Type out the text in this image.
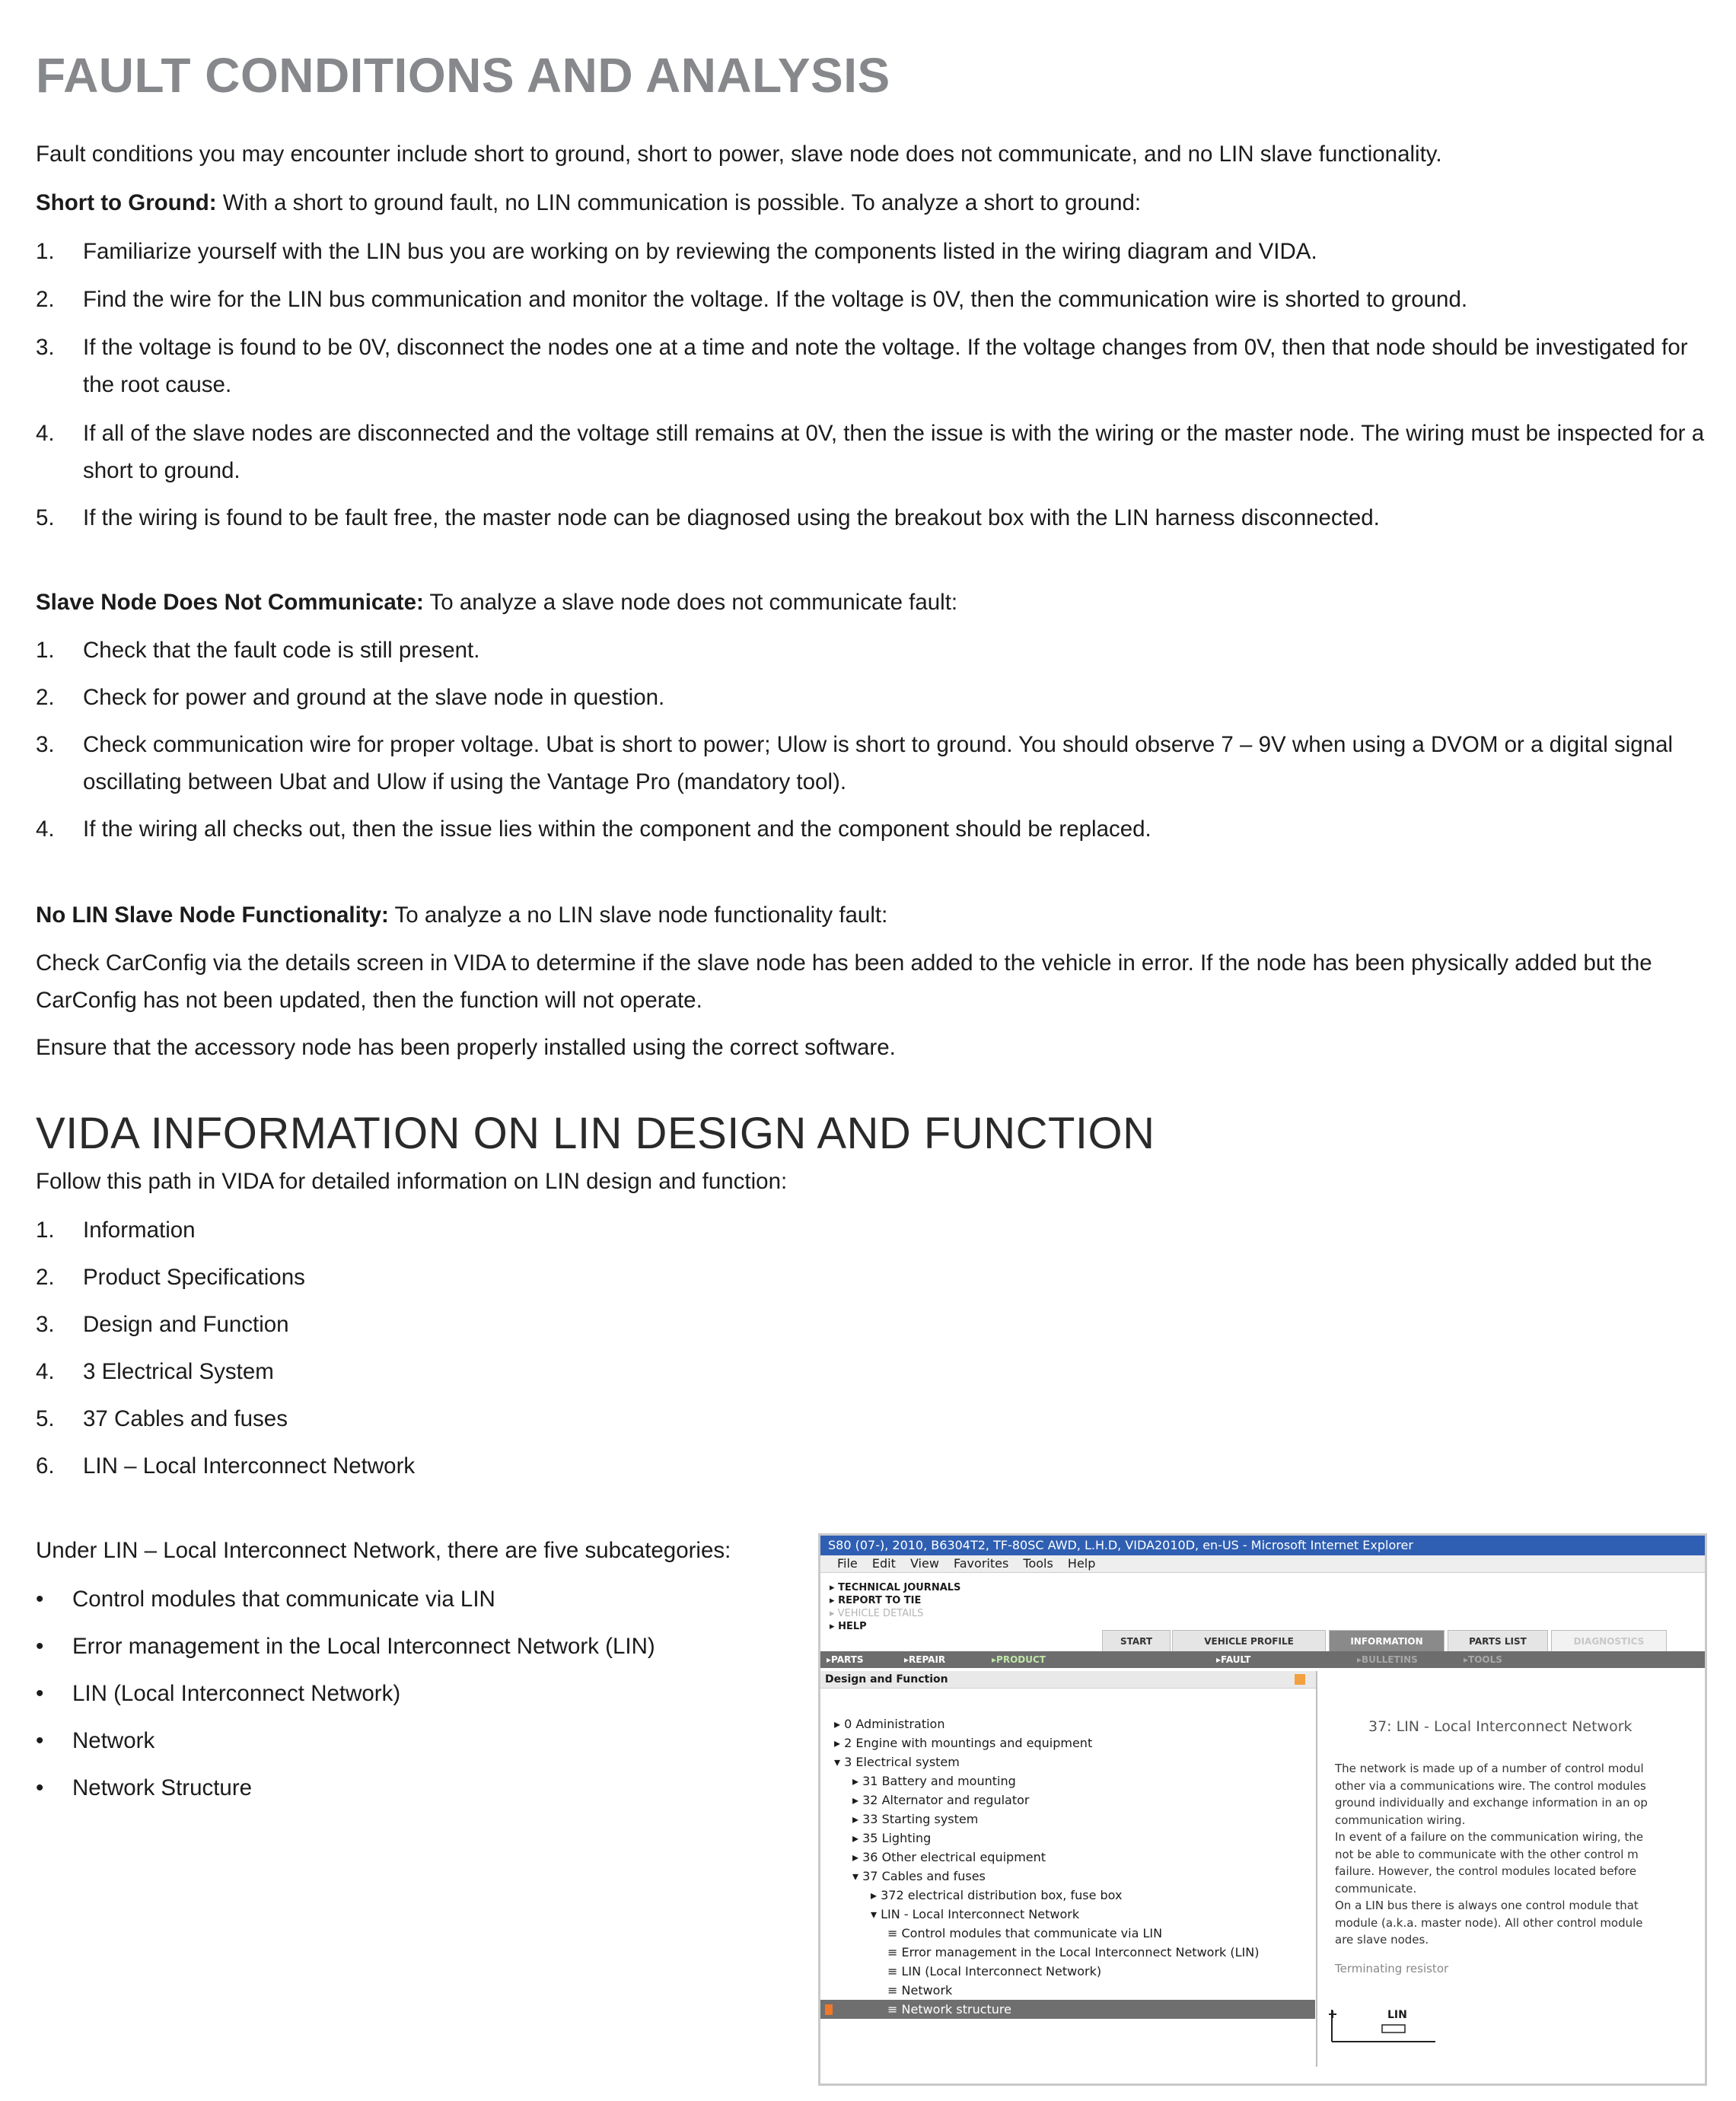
FAULT CONDITIONS AND ANALYSIS

Fault conditions you may encounter include short to ground, short to power, slave node does not communicate, and no LIN slave functionality.

Short to Ground: With a short to ground fault, no LIN communication is possible. To analyze a short to ground:

1. Familiarize yourself with the LIN bus you are working on by reviewing the components listed in the wiring diagram and VIDA.
2. Find the wire for the LIN bus communication and monitor the voltage. If the voltage is 0V, then the communication wire is shorted to ground.
3. If the voltage is found to be 0V, disconnect the nodes one at a time and note the voltage. If the voltage changes from 0V, then that node should be investigated for the root cause.
4. If all of the slave nodes are disconnected and the voltage still remains at 0V, then the issue is with the wiring or the master node. The wiring must be inspected for a short to ground.
5. If the wiring is found to be fault free, the master node can be diagnosed using the breakout box with the LIN harness disconnected.

Slave Node Does Not Communicate: To analyze a slave node does not communicate fault:

1. Check that the fault code is still present.
2. Check for power and ground at the slave node in question.
3. Check communication wire for proper voltage. Ubat is short to power; Ulow is short to ground. You should observe 7 – 9V when using a DVOM or a digital signal oscillating between Ubat and Ulow if using the Vantage Pro (mandatory tool).
4. If the wiring all checks out, then the issue lies within the component and the component should be replaced.

No LIN Slave Node Functionality: To analyze a no LIN slave node functionality fault:

Check CarConfig via the details screen in VIDA to determine if the slave node has been added to the vehicle in error. If the node has been physically added but the CarConfig has not been updated, then the function will not operate.

Ensure that the accessory node has been properly installed using the correct software.

VIDA INFORMATION ON LIN DESIGN AND FUNCTION

Follow this path in VIDA for detailed information on LIN design and function:

1. Information
2. Product Specifications
3. Design and Function
4. 3 Electrical System
5. 37 Cables and fuses
6. LIN – Local Interconnect Network

Under LIN – Local Interconnect Network, there are five subcategories:

• Control modules that communicate via LIN
• Error management in the Local Interconnect Network (LIN)
• LIN (Local Interconnect Network)
• Network
• Network Structure
S80 (07-), 2010, B6304T2, TF-80SC AWD, L.H.D, VIDA2010D, en-US - Microsoft Internet Explorer
File Edit View Favorites Tools Help
▸ TECHNICAL JOURNALS
▸ REPORT TO TIE
▸ VEHICLE DETAILS
▸ HELP
START	VEHICLE PROFILE	INFORMATION	PARTS LIST	DIAGNOSTICS
▸ PARTS	▸ REPAIR	▸ PRODUCT	▸ FAULT	▸ BULLETINS	▸ TOOLS
Design and Function
▸ 0 Administration
▸ 2 Engine with mountings and equipment
▾ 3 Electrical system
▸ 31 Battery and mounting
▸ 32 Alternator and regulator
▸ 33 Starting system
▸ 35 Lighting
▸ 36 Other electrical equipment
▾ 37 Cables and fuses
▸ 372 electrical distribution box, fuse box
▾ LIN - Local Interconnect Network
≡ Control modules that communicate via LIN
≡ Error management in the Local Interconnect Network (LIN)
≡ LIN (Local Interconnect Network)
≡ Network
≡ Network structure
37: LIN - Local Interconnect Network
The network is made up of a number of control modul
other via a communications wire. The control modules
ground individually and exchange information in an op
communication wiring.
In event of a failure on the communication wiring, the
not be able to communicate with the other control m
failure. However, the control modules located before
communicate.
On a LIN bus there is always one control module that
module (a.k.a. master node). All other control module
are slave nodes.
Terminating resistor
LIN
